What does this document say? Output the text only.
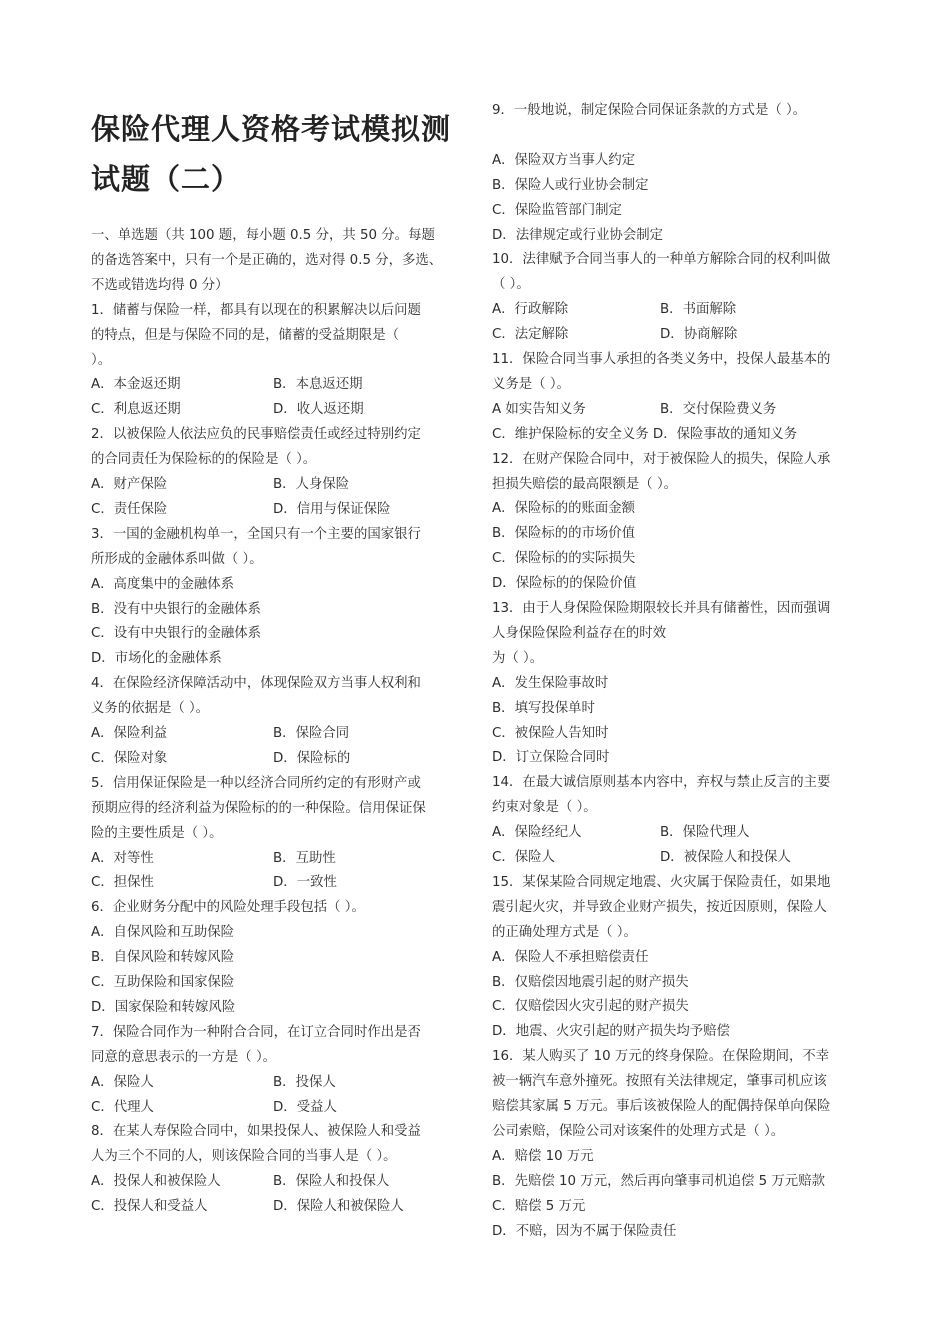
保险代理人资格考试模拟测
试题（二）
一、单选题（共 100 题，每小题 0.5 分，共 50 分。每题
的备选答案中，只有一个是正确的，选对得 0.5 分，多选、
不选或错选均得 0 分）
1．储蓄与保险一样，都具有以现在的积累解决以后问题
的特点，但是与保险不同的是，储蓄的受益期限是（
）。
A．本金返还期	B．本息返还期
C．利息返还期	D．收人返还期
2．以被保险人依法应负的民事赔偿责任或经过特别约定
的合同责任为保险标的的保险是（ ）。
A．财产保险	B．人身保险
C．责任保险	D．信用与保证保险
3．一国的金融机构单一，全国只有一个主要的国家银行
所形成的金融体系叫做（ ）。
A．高度集中的金融体系
B．没有中央银行的金融体系
C．设有中央银行的金融体系
D．市场化的金融体系
4．在保险经济保障活动中，体现保险双方当事人权利和
义务的依据是（ ）。
A．保险利益	B．保险合同
C．保险对象	D．保险标的
5．信用保证保险是一种以经济合同所约定的有形财产或
预期应得的经济利益为保险标的的一种保险。信用保证保
险的主要性质是（ ）。
A．对等性	B．互助性
C．担保性	D．一致性
6．企业财务分配中的风险处理手段包括（ ）。
A．自保风险和互助保险
B．自保风险和转嫁风险
C．互助保险和国家保险
D．国家保险和转嫁风险
7．保险合同作为一种附合合同，在订立合同时作出是否
同意的意思表示的一方是（ ）。
A．保险人	B．投保人
C．代理人	D．受益人
8．在某人寿保险合同中，如果投保人、被保险人和受益
人为三个不同的人，则该保险合同的当事人是（ ）。
A．投保人和被保险人	B．保险人和投保人
C．投保人和受益人	D．保险人和被保险人
9．一般地说，制定保险合同保证条款的方式是（ ）。
A．保险双方当事人约定
B．保险人或行业协会制定
C．保险监管部门制定
D．法律规定或行业协会制定
10．法律赋予合同当事人的一种单方解除合同的权利叫做
（ ）。
A．行政解除	B．书面解除
C．法定解除	D．协商解除
11．保险合同当事人承担的各类义务中，投保人最基本的
义务是（ ）。
A 如实告知义务	B．交付保险费义务
C．维护保险标的安全义务 D．保险事故的通知义务
12．在财产保险合同中，对于被保险人的损失，保险人承
担损失赔偿的最高限额是（ ）。
A．保险标的的账面金额
B．保险标的的市场价值
C．保险标的的实际损失
D．保险标的的保险价值
13．由于人身保险保险期限较长并具有储蓄性，因而强调
人身保险保险利益存在的时效
为（ ）。
A．发生保险事故时
B．填写投保单时
C．被保险人告知时
D．订立保险合同时
14．在最大诚信原则基本内容中，弃权与禁止反言的主要
约束对象是（ ）。
A．保险经纪人	B．保险代理人
C．保险人	D．被保险人和投保人
15．某保某险合同规定地震、火灾属于保险责任，如果地
震引起火灾，并导致企业财产损失，按近因原则，保险人
的正确处理方式是（ ）。
A．保险人不承担赔偿责任
B．仅赔偿因地震引起的财产损失
C．仅赔偿因火灾引起的财产损失
D．地震、火灾引起的财产损失均予赔偿
16．某人购买了 10 万元的终身保险。在保险期间，不幸
被一辆汽车意外撞死。按照有关法律规定，肇事司机应该
赔偿其家属 5 万元。事后该被保险人的配偶持保单向保险
公司索赔，保险公司对该案件的处理方式是（ ）。
A．赔偿 10 万元
B．先赔偿 10 万元，然后再向肇事司机追偿 5 万元赔款
C．赔偿 5 万元
D．不赔，因为不属于保险责任
